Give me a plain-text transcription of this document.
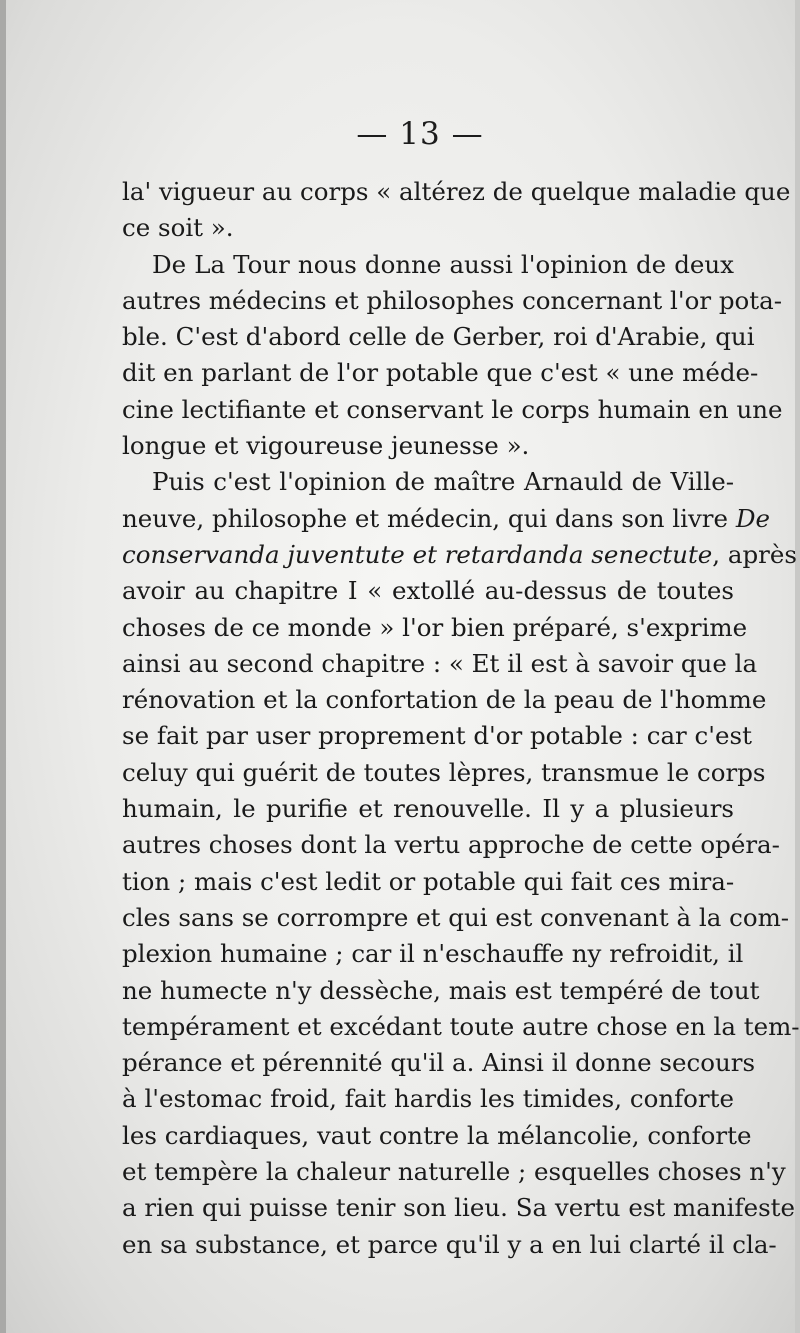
— 13 —
la' vigueur au corps « altérez de quelque maladie que
ce soit ».
De La Tour nous donne aussi l'opinion de deux
autres médecins et philosophes concernant l'or pota-
ble. C'est d'abord celle de Gerber, roi d'Arabie, qui
dit en parlant de l'or potable que c'est « une méde-
cine lectifiante et conservant le corps humain en une
longue et vigoureuse jeunesse ».
Puis c'est l'opinion de maître Arnauld de Ville-
neuve, philosophe et médecin, qui dans son livre De
conservanda juventute et retardanda senectute, après
avoir au chapitre I « extollé au-dessus de toutes
choses de ce monde » l'or bien préparé, s'exprime
ainsi au second chapitre : « Et il est à savoir que la
rénovation et la confortation de la peau de l'homme
se fait par user proprement d'or potable : car c'est
celuy qui guérit de toutes lèpres, transmue le corps
humain, le purifie et renouvelle. Il y a plusieurs
autres choses dont la vertu approche de cette opéra-
tion ; mais c'est ledit or potable qui fait ces mira-
cles sans se corrompre et qui est convenant à la com-
plexion humaine ; car il n'eschauffe ny refroidit, il
ne humecte n'y dessèche, mais est tempéré de tout
tempérament et excédant toute autre chose en la tem-
pérance et pérennité qu'il a. Ainsi il donne secours
à l'estomac froid, fait hardis les timides, conforte
les cardiaques, vaut contre la mélancolie, conforte
et tempère la chaleur naturelle ; esquelles choses n'y
a rien qui puisse tenir son lieu. Sa vertu est manifeste
en sa substance, et parce qu'il y a en lui clarté il cla-
